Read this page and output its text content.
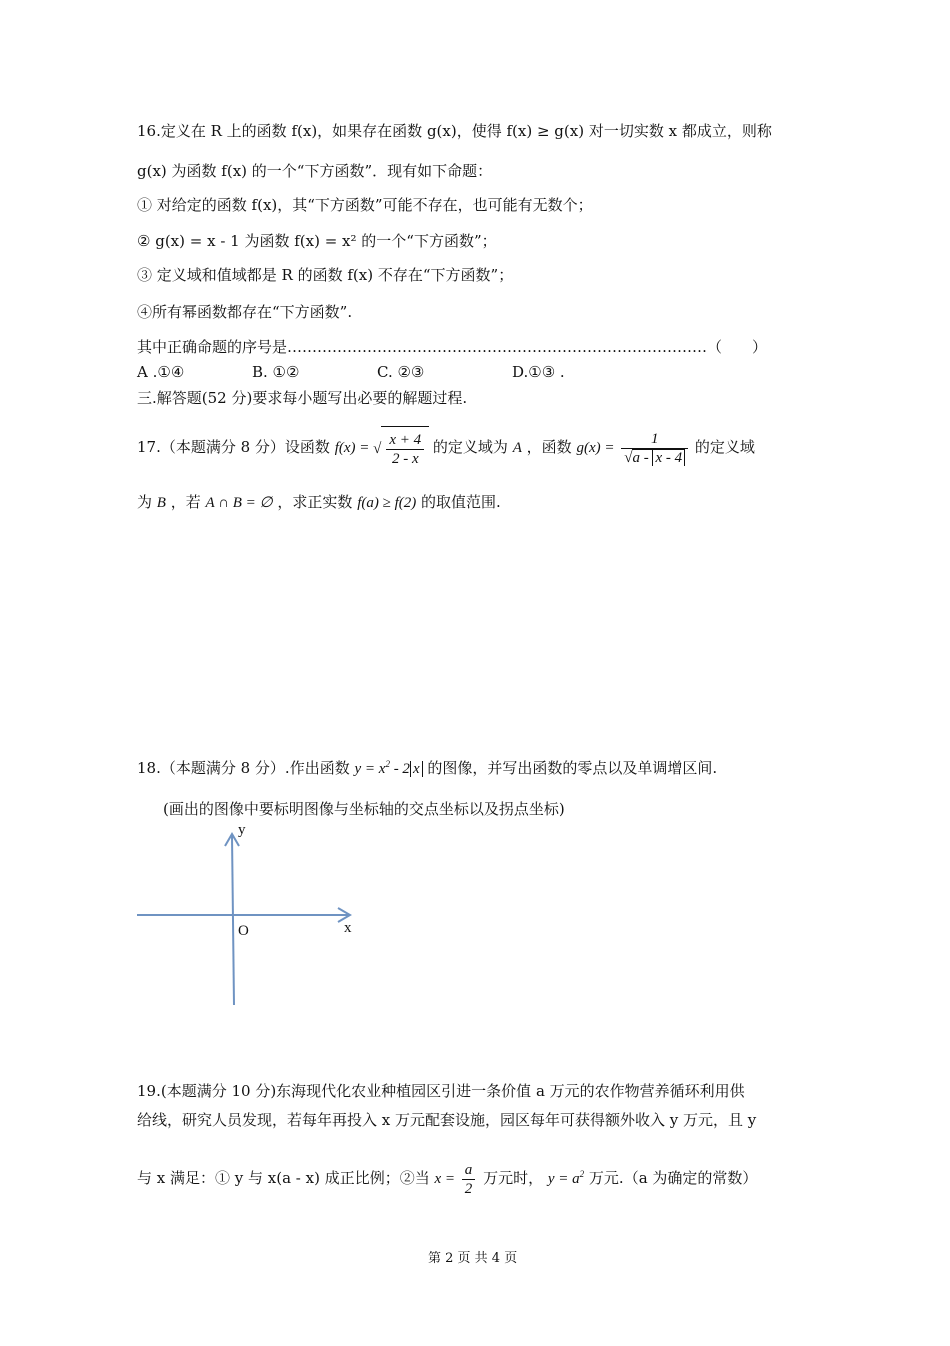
16.定义在 R 上的函数 f(x)，如果存在函数 g(x)，使得 f(x) ≥ g(x) 对一切实数 x 都成立，则称
g(x) 为函数 f(x) 的一个“下方函数”．现有如下命题：
① 对给定的函数 f(x)，其“下方函数”可能不存在，也可能有无数个；
② g(x) = x - 1 为函数 f(x) = x² 的一个“下方函数”；
③ 定义域和值域都是 R 的函数 f(x) 不存在“下方函数”；
④所有幂函数都存在“下方函数”.
其中正确命题的序号是…………………………………………………………………………（　　）
A .①④	B. ①②	C. ②③	D.①③ .
三.解答题(52 分)要求每小题写出必要的解题过程.
17.（本题满分 8 分）设函数 f(x) = √ $\frac{x + 4}{2 - x}$ 的定义域为 A ，函数 $g(x) = \frac{1}{√a - x - 4}$ 的定义域
为 B ，若 A ∩ B = ∅ ，求正实数 f(a) ≥ f(2) 的取值范围.
18.（本题满分 8 分）.作出函数 $y = x^2 - 2$ x 的图像，并写出函数的零点以及单调增区间.
(画出的图像中要标明图像与坐标轴的交点坐标以及拐点坐标)
y
x
O
19.(本题满分 10 分)东海现代化农业种植园区引进一条价值 a 万元的农作物营养循环利用供
给线，研究人员发现，若每年再投入 x 万元配套设施，园区每年可获得额外收入 y 万元，且 y
与 x 满足：① y 与 x(a - x) 成正比例；②当 $x = \frac{a}{2}$ 万元时， $y = a^2$ 万元.（a 为确定的常数）
第 2 页 共 4 页
